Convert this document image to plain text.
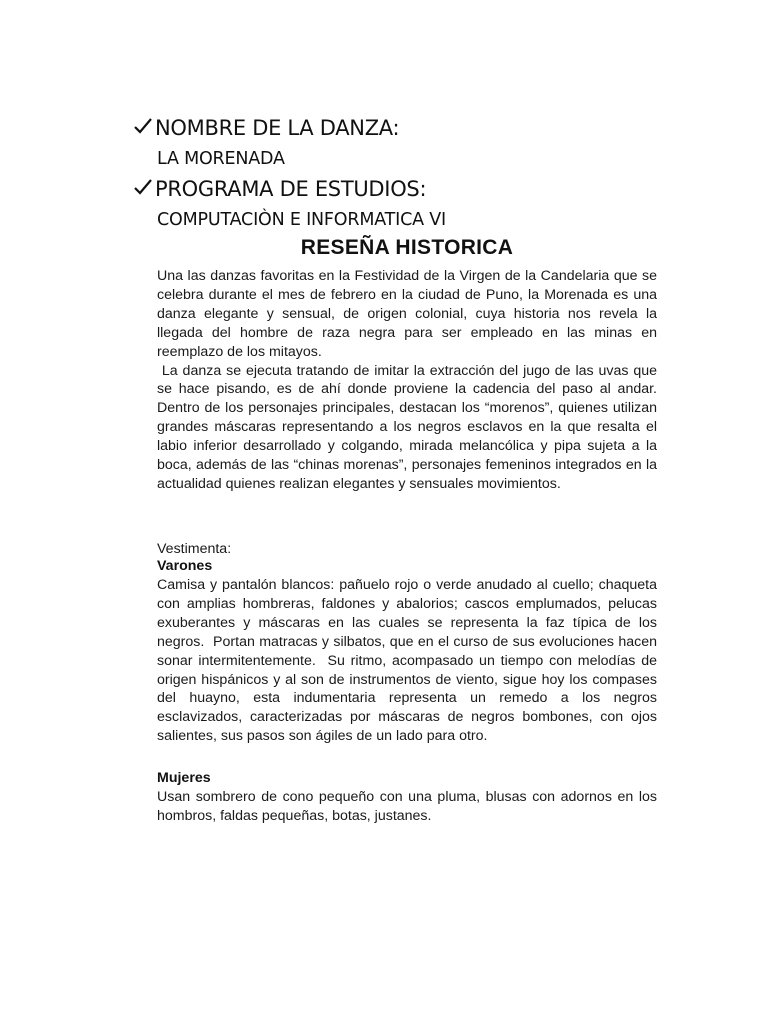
NOMBRE DE LA DANZA:
LA MORENADA
PROGRAMA DE ESTUDIOS:
COMPUTACIÒN E INFORMATICA VI
RESEÑA HISTORICA

Una las danzas favoritas en la Festividad de la Virgen de la Candelaria que se celebra durante el mes de febrero en la ciudad de Puno, la Morenada es una danza elegante y sensual, de origen colonial, cuya historia nos revela la llegada del hombre de raza negra para ser empleado en las minas en reemplazo de los mitayos.

La danza se ejecuta tratando de imitar la extracción del jugo de las uvas que se hace pisando, es de ahí donde proviene la cadencia del paso al andar. Dentro de los personajes principales, destacan los “morenos”, quienes utilizan grandes máscaras representando a los negros esclavos en la que resalta el labio inferior desarrollado y colgando, mirada melancólica y pipa sujeta a la boca, además de las “chinas morenas”, personajes femeninos integrados en la actualidad quienes realizan elegantes y sensuales movimientos.

Vestimenta:
Varones

Camisa y pantalón blancos: pañuelo rojo o verde anudado al cuello; chaqueta con amplias hombreras, faldones y abalorios; cascos emplumados, pelucas exuberantes y máscaras en las cuales se representa la faz típica de los negros.  Portan matracas y silbatos, que en el curso de sus evoluciones hacen sonar intermitentemente.  Su ritmo, acompasado un tiempo con melodías de origen hispánicos y al son de instrumentos de viento, sigue hoy los compases del huayno, esta indumentaria representa un remedo a los negros esclavizados, caracterizadas por máscaras de negros bombones, con ojos salientes, sus pasos son ágiles de un lado para otro.

Mujeres

Usan sombrero de cono pequeño con una pluma, blusas con adornos en los hombros, faldas pequeñas, botas, justanes.
